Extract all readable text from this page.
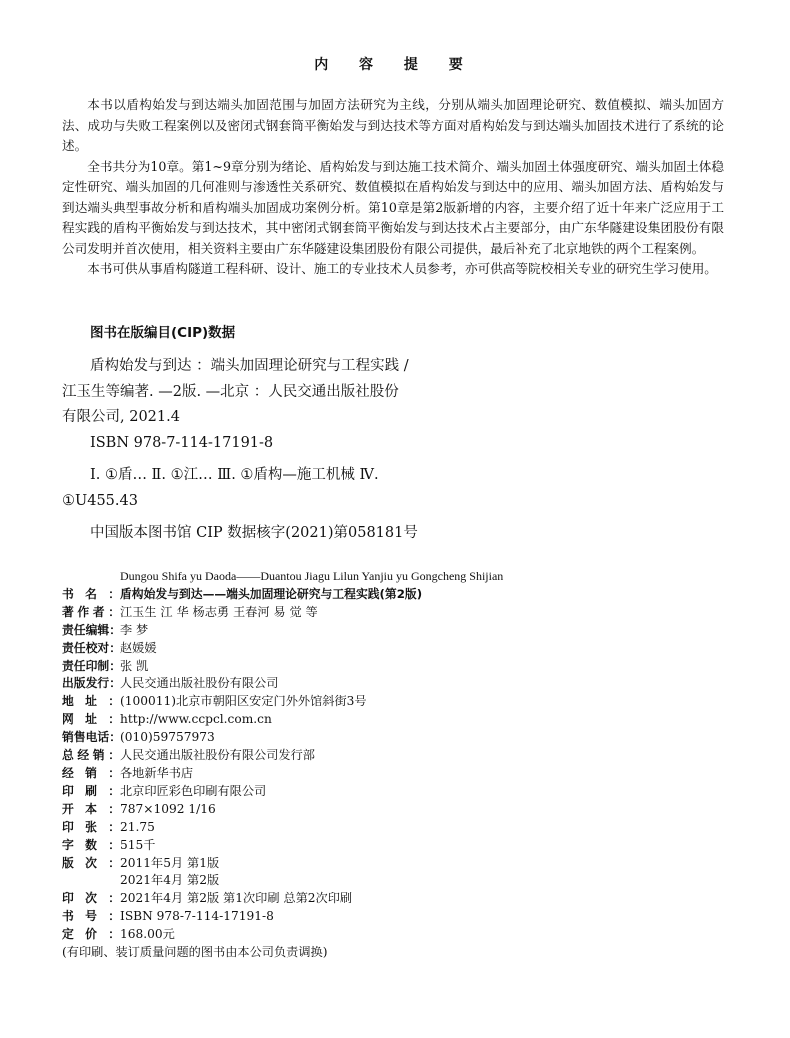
内 容 提 要

本书以盾构始发与到达端头加固范围与加固方法研究为主线，分别从端头加固理论研究、数值模拟、端头加固方法、成功与失败工程案例以及密闭式钢套筒平衡始发与到达技术等方面对盾构始发与到达端头加固技术进行了系统的论述。

全书共分为10章。第1~9章分别为绪论、盾构始发与到达施工技术简介、端头加固土体强度研究、端头加固土体稳定性研究、端头加固的几何准则与渗透性关系研究、数值模拟在盾构始发与到达中的应用、端头加固方法、盾构始发与到达端头典型事故分析和盾构端头加固成功案例分析。第10章是第2版新增的内容，主要介绍了近十年来广泛应用于工程实践的盾构平衡始发与到达技术，其中密闭式钢套筒平衡始发与到达技术占主要部分，由广东华隧建设集团股份有限公司发明并首次使用，相关资料主要由广东华隧建设集团股份有限公司提供，最后补充了北京地铁的两个工程案例。

本书可供从事盾构隧道工程科研、设计、施工的专业技术人员参考，亦可供高等院校相关专业的研究生学习使用。

图书在版编目(CIP)数据
盾构始发与到达 ：端头加固理论研究与工程实践 /
江玉生等编著. —2版. —北京 ：人民交通出版社股份
有限公司, 2021.4
ISBN 978-7-114-17191-8
Ⅰ. ①盾… Ⅱ. ①江… Ⅲ. ①盾构—施工机械 Ⅳ.
①U455.43
中国版本图书馆 CIP 数据核字(2021)第058181号
Dungou Shifa yu Daoda——Duantou Jiagu Lilun Yanjiu yu Gongcheng Shijian
书名： 盾构始发与到达——端头加固理论研究与工程实践(第2版)
著作者： 江玉生 江 华 杨志勇 王春河 易 觉 等
责任编辑： 李 梦
责任校对： 赵媛媛
责任印制： 张 凯
出版发行： 人民交通出版社股份有限公司
地址： (100011)北京市朝阳区安定门外外馆斜街3号
网址： http://www.ccpcl.com.cn
销售电话： (010)59757973
总经销： 人民交通出版社股份有限公司发行部
经销： 各地新华书店
印刷： 北京印匠彩色印刷有限公司
开本： 787×1092 1/16
印张： 21.75
字数： 515千
版次： 2011年5月 第1版
2021年4月 第2版
印次： 2021年4月 第2版 第1次印刷 总第2次印刷
书号： ISBN 978-7-114-17191-8
定价： 168.00元
(有印刷、装订质量问题的图书由本公司负责调换)
